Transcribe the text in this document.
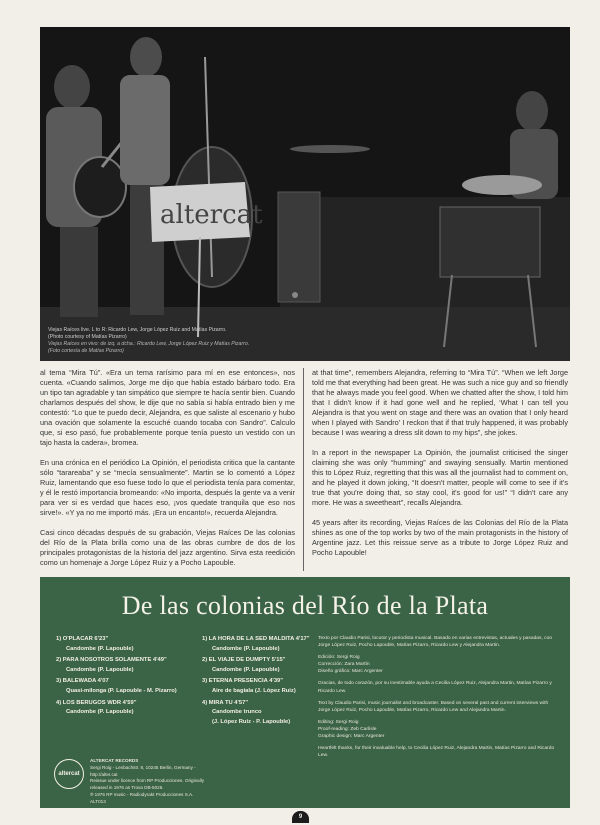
altercat
Viejas Raíces live. L to R: Ricardo Lew, Jorge López Ruiz and Matías Pizarro.
(Photo courtesy of Matías Pizarro)
Viejas Raíces en vivo: de izq. a dcha.: Ricardo Lew, Jorge López Ruiz y Matías Pizarro.
(Foto cortesía de Matías Pizarro)

al tema “Mira Tú”. «Era un tema rarísimo para mí en ese entonces», nos cuenta. «Cuando salimos, Jorge me dijo que había estado bárbaro todo. Era un tipo tan agradable y tan simpático que siempre te hacía sentir bien. Cuando charlamos después del show, le dije que no sabía si había entrado bien y me contestó: “Lo que te puedo decir, Alejandra, es que saliste al escenario y hubo una ovación que solamente la escuché cuando tocaba con Sandro”. Calculo que, si eso pasó, fue probablemente porque tenía puesto un vestido con un tajo hasta la cadera», bromea.

En una crónica en el periódico La Opinión, el periodista critica que la cantante sólo “tarareaba” y se “mecía sensualmente”. Martin se lo comentó a López Ruiz, lamentando que eso fuese todo lo que el periodista tenía para comentar, y él le restó importancia bromeando: «No importa, después la gente va a venir para ver si es verdad que haces eso, ¡vos quedate tranquila que eso nos sirve!». «Y ya no me importó más. ¡Era un encanto!», recuerda Alejandra.

Casi cinco décadas después de su grabación, Viejas Raíces De las colonias del Río de la Plata brilla como una de las obras cumbre de dos de los principales protagonistas de la historia del jazz argentino. Sirva esta reedición como un homenaje a Jorge López Ruiz y a Pocho Lapouble.

at that time”, remembers Alejandra, referring to “Mira Tú”. “When we left Jorge told me that everything had been great. He was such a nice guy and so friendly that he always made you feel good. When we chatted after the show, I told him that I didn't know if it had gone well and he replied, ‘What I can tell you Alejandra is that you went on stage and there was an ovation that I only heard when I played with Sandro’ I reckon that if that truly happened, it was probably because I was wearing a dress slit down to my hips”, she jokes.

In a report in the newspaper La Opinión, the journalist criticised the singer claiming she was only “humming” and swaying sensually. Martin mentioned this to López Ruiz, regretting that this was all the journalist had to comment on, and he played it down joking, “It doesn't matter, people will come to see if it's true that you're doing that, so stay cool, it's good for us!” “I didn't care any more. He was a sweetheart”, recalls Alejandra.

45 years after its recording, Viejas Raíces de las Colonias del Río de la Plata shines as one of the top works by two of the main protagonists in the history of Argentine jazz. Let this reissue serve as a tribute to Jorge López Ruiz and Pocho Lapouble!

De las colonias del Río de la Plata
1) O'PLACAR 6'23"
Candombe (P. Lapouble)
2) PARA NOSOTROS SOLAMENTE 4'49"
Candombe (P. Lapouble)
3) BALEWADA 4'07
Quasi-milonga (P. Lapouble - M. Pizarro)
4) LOS BERUGOS WDR 4'59"
Candombe (P. Lapouble)
1) LA HORA DE LA SED MALDITA 4'17"
Candombe (P. Lapouble)
2) EL VIAJE DE DUMPTY 5'15"
Candombe (P. Lapouble)
3) ETERNA PRESENCIA 4'39"
Aire de bagiala (J. López Ruiz)
4) MIRA TU 4'57"
Candombe trunco
(J. López Ruiz - P. Lapouble)

Texto por Claudio Parisi, locutor y periodista musical. Basado en varias entrevistas, actuales y pasadas, con Jorge López Ruiz, Pocho Lapouble, Matías Pizarro, Ricardo Lew y Alejandra Martin.

Edición: Sergi Roig
Corrección: Zara Martín
Diseño gráfico: Marc Argenter

Gracias, de todo corazón, por su inestimable ayuda a Cecilia López Ruiz, Alejandra Martin, Matías Pizarro y Ricardo Lew.

Text by Claudio Parisi, music journalist and broadcaster. Based on several past and current interviews with Jorge López Ruiz, Pocho Lapouble, Matías Pizarro, Ricardo Lew and Alejandra Martin.

Editing: Sergi Roig
Proof-reading: Zeb Carlisle
Graphic design: Marc Argenter

Heartfelt thanks, for their invaluable help, to Cecilia López Ruiz, Alejandra Martin, Matías Pizarro and Ricardo Lew.

altercat
ALTERCAT RECORDS
Sergi Roig - Lenbachstr. 8, 10245 Berlin, Germany - http://alter.cat
Reissue under licence from RP Producciones. Originally released in 1976 as Trova DB-5026.
℗ 1976 RP music - Radiodyrakt Producciones S.A.
ALT013
9
